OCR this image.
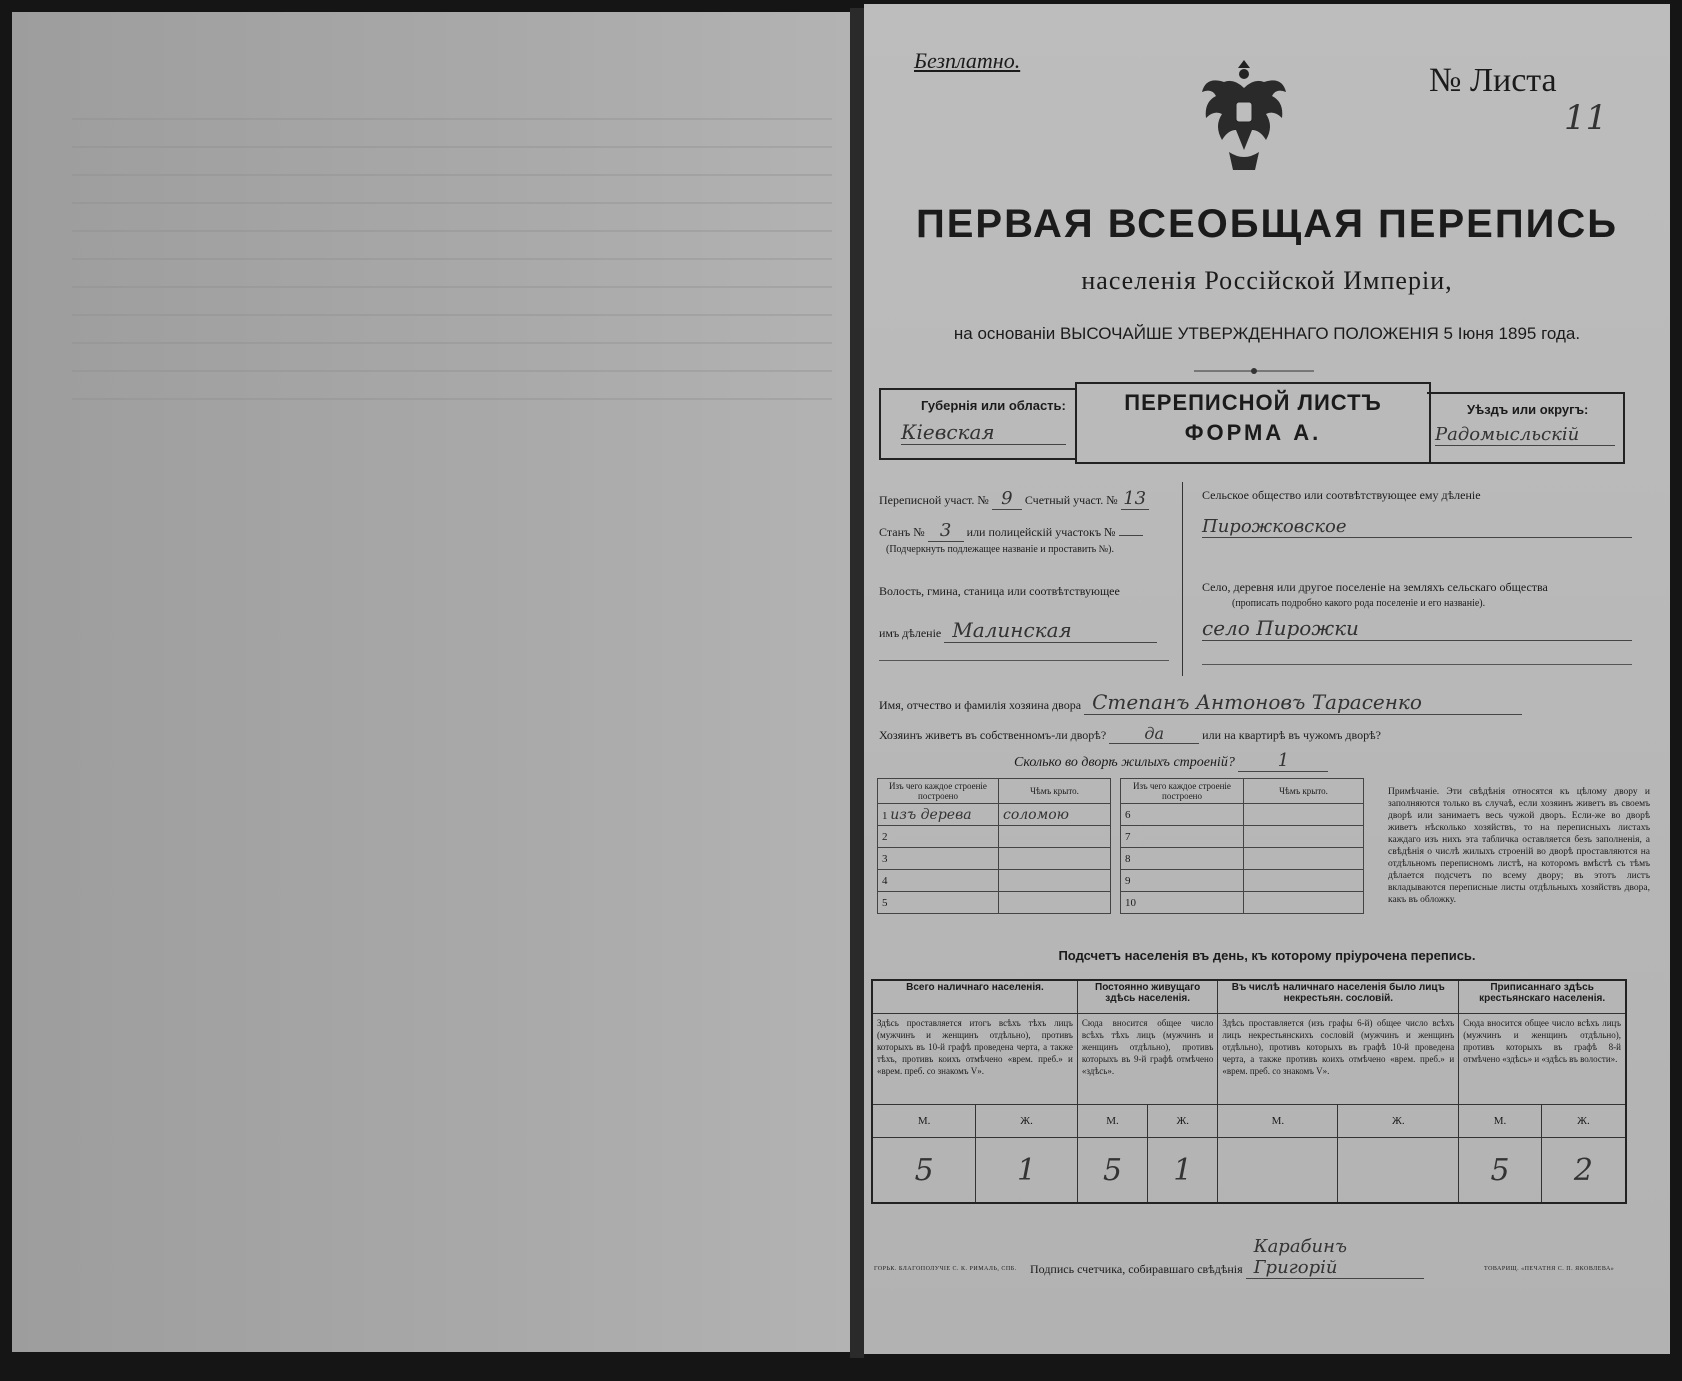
Безплатно.
№ Листа
11
ПЕРВАЯ ВСЕОБЩАЯ ПЕРЕПИСЬ
населенія Россійской Имперіи,
на основаніи ВЫСОЧАЙШЕ УТВЕРЖДЕННАГО ПОЛОЖЕНІЯ 5 Іюня 1895 года.
Губернія или область:
Кіевская
ПЕРЕПИСНОЙ ЛИСТЪ
ФОРМА А.
Уѣздъ или округъ:
Радомысльскій
Переписной участ. № 9 Счетный участ. № 13
Станъ № 3 или полицейскій участокъ №
(Подчеркнуть подлежащее названіе и проставить №).
Волость, гмина, станица или соотвѣтствующее
имъ дѣленіе Малинская
Сельское общество или соотвѣтствующее ему дѣленіе
Пирожковское
Село, деревня или другое поселеніе на земляхъ сельскаго общества
(прописать подробно какого рода поселеніе и его названіе).
село Пирожки
Имя, отчество и фамилія хозяина двора Степанъ Антоновъ Тарасенко
Хозяинъ живетъ въ собственномъ-ли дворѣ? да	или на квартирѣ въ чужомъ дворѣ?
Сколько во дворѣ жилыхъ строеній? 1
Изъ чего каждое строеніе построено	Чѣмъ крыто.
1 изъ дерева	соломою
2	
3	
4	
5	
Изъ чего каждое строеніе построено	Чѣмъ крыто.
6	
7	
8	
9	
10	
Примѣчаніе. Эти свѣдѣнія относятся къ цѣлому двору и заполняются только въ случаѣ, если хозяинъ живетъ въ своемъ дворѣ или занимаетъ весь чужой дворъ. Если-же во дворѣ живетъ нѣсколько хозяйствъ, то на переписныхъ листахъ каждаго изъ нихъ эта табличка оставляется безъ заполненія, а свѣдѣнія о числѣ жилыхъ строеній во дворѣ проставляются на отдѣльномъ переписномъ листѣ, на которомъ вмѣстѣ съ тѣмъ дѣлается подсчетъ по всему двору; въ этотъ листъ вкладываются переписные листы отдѣльныхъ хозяйствъ двора, какъ въ обложку.
Подсчетъ населенія въ день, къ которому пріурочена перепись.
Всего наличнаго населенія.		Постоянно живущаго здѣсь населенія.		Въ числѣ наличнаго населенія было лицъ некрестьян. сословій.		Приписаннаго здѣсь крестьянскаго населенія.	
Здѣсь проставляется итогъ всѣхъ тѣхъ лицъ (мужчинъ и женщинъ отдѣльно), противъ которыхъ въ 10-й графѣ проведена черта, а также тѣхъ, противъ коихъ отмѣчено «врем. преб.» и «врем. преб. со знакомъ V».		Сюда вносится общее число всѣхъ тѣхъ лицъ (мужчинъ и женщинъ отдѣльно), противъ которыхъ въ 9-й графѣ отмѣчено «здѣсь».		Здѣсь проставляется (изъ графы 6-й) общее число всѣхъ лицъ некрестьянскихъ сословій (мужчинъ и женщинъ отдѣльно), противъ которыхъ въ графѣ 10-й проведена черта, а также противъ коихъ отмѣчено «врем. преб.» и «врем. преб. со знакомъ V».		Сюда вносится общее число всѣхъ лицъ (мужчинъ и женщинъ отдѣльно), противъ которыхъ въ графѣ 8-й отмѣчено «здѣсь» и «здѣсь въ волости».	
М.	Ж.	М.	Ж.	М.	Ж.	М.	Ж.
5	1	5	1			5	2
Подпись счетчика, собиравшаго свѣдѣнія Карабинъ Григорій
ГОРЬК. БЛАГОПОЛУЧІЕ С. К. РИМАЛЬ, СПБ.	ТОВАРИЩ. «ПЕЧАТНЯ С. П. ЯКОВЛЕВА»
